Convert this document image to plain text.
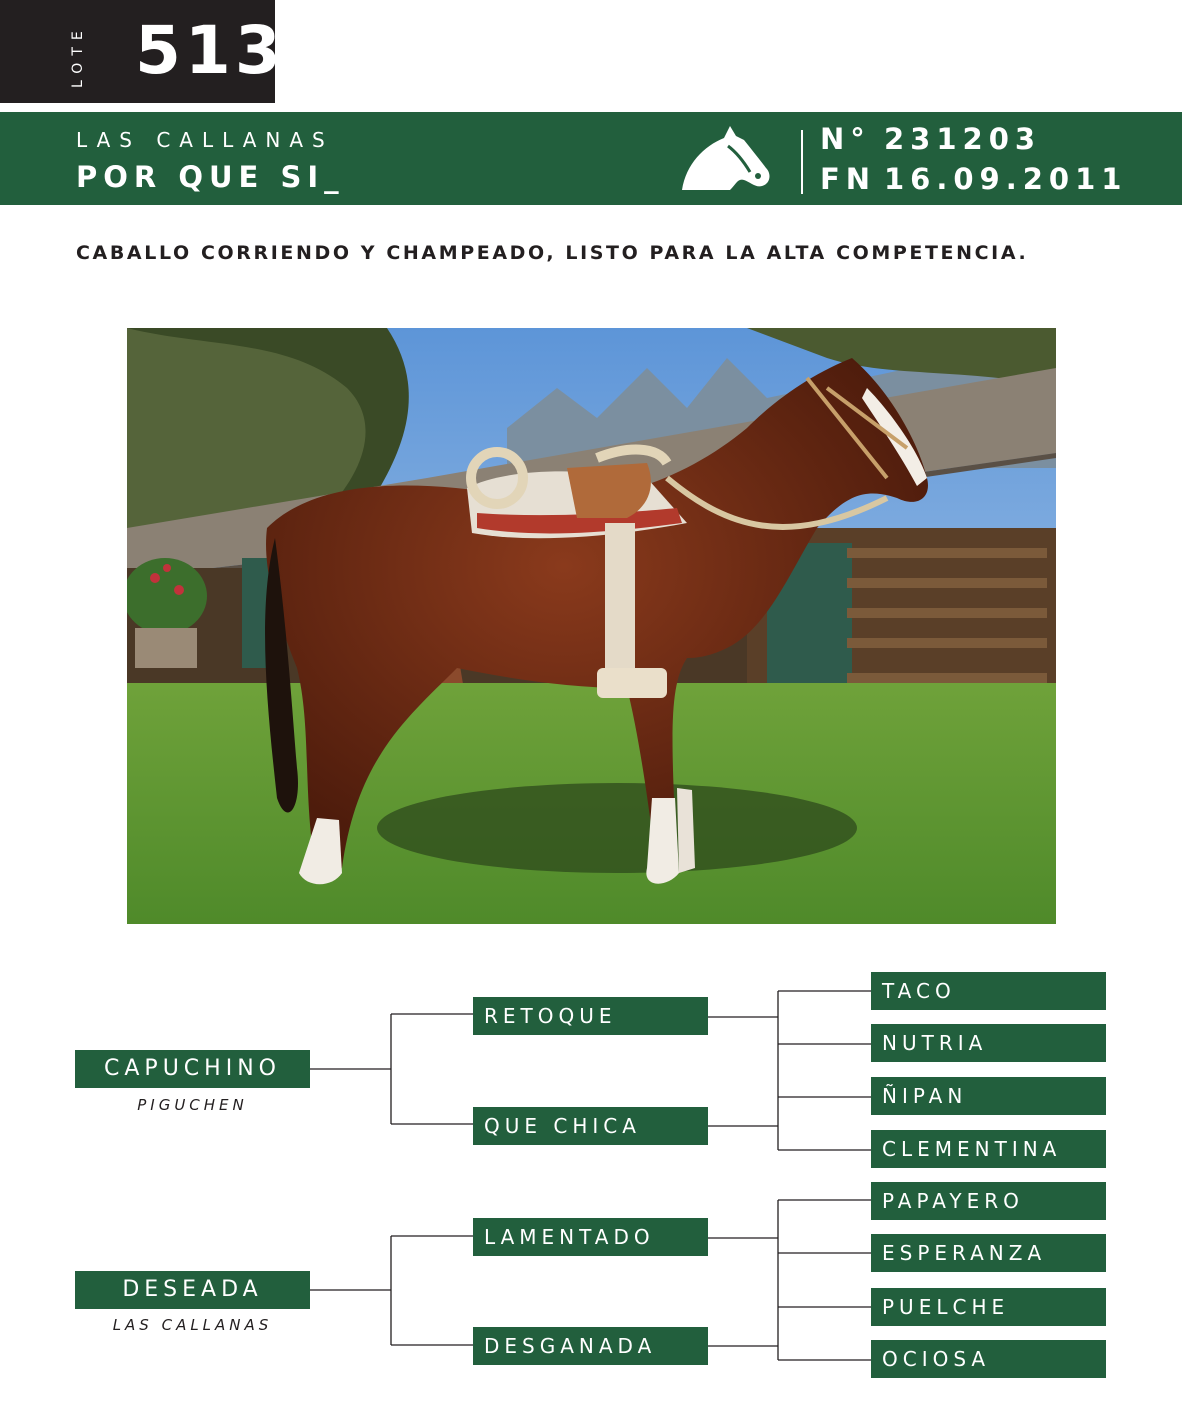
LOTE 513
LAS CALLANAS
POR QUE SI_
N° 231203
FN 16.09.2011
CABALLO CORRIENDO Y CHAMPEADO, LISTO PARA LA ALTA COMPETENCIA.
CAPUCHINO
PIGUCHEN
DESEADA
LAS CALLANAS
RETOQUE
QUE CHICA
LAMENTADO
DESGANADA
TACO
NUTRIA
ÑIPAN
CLEMENTINA
PAPAYERO
ESPERANZA
PUELCHE
OCIOSA
